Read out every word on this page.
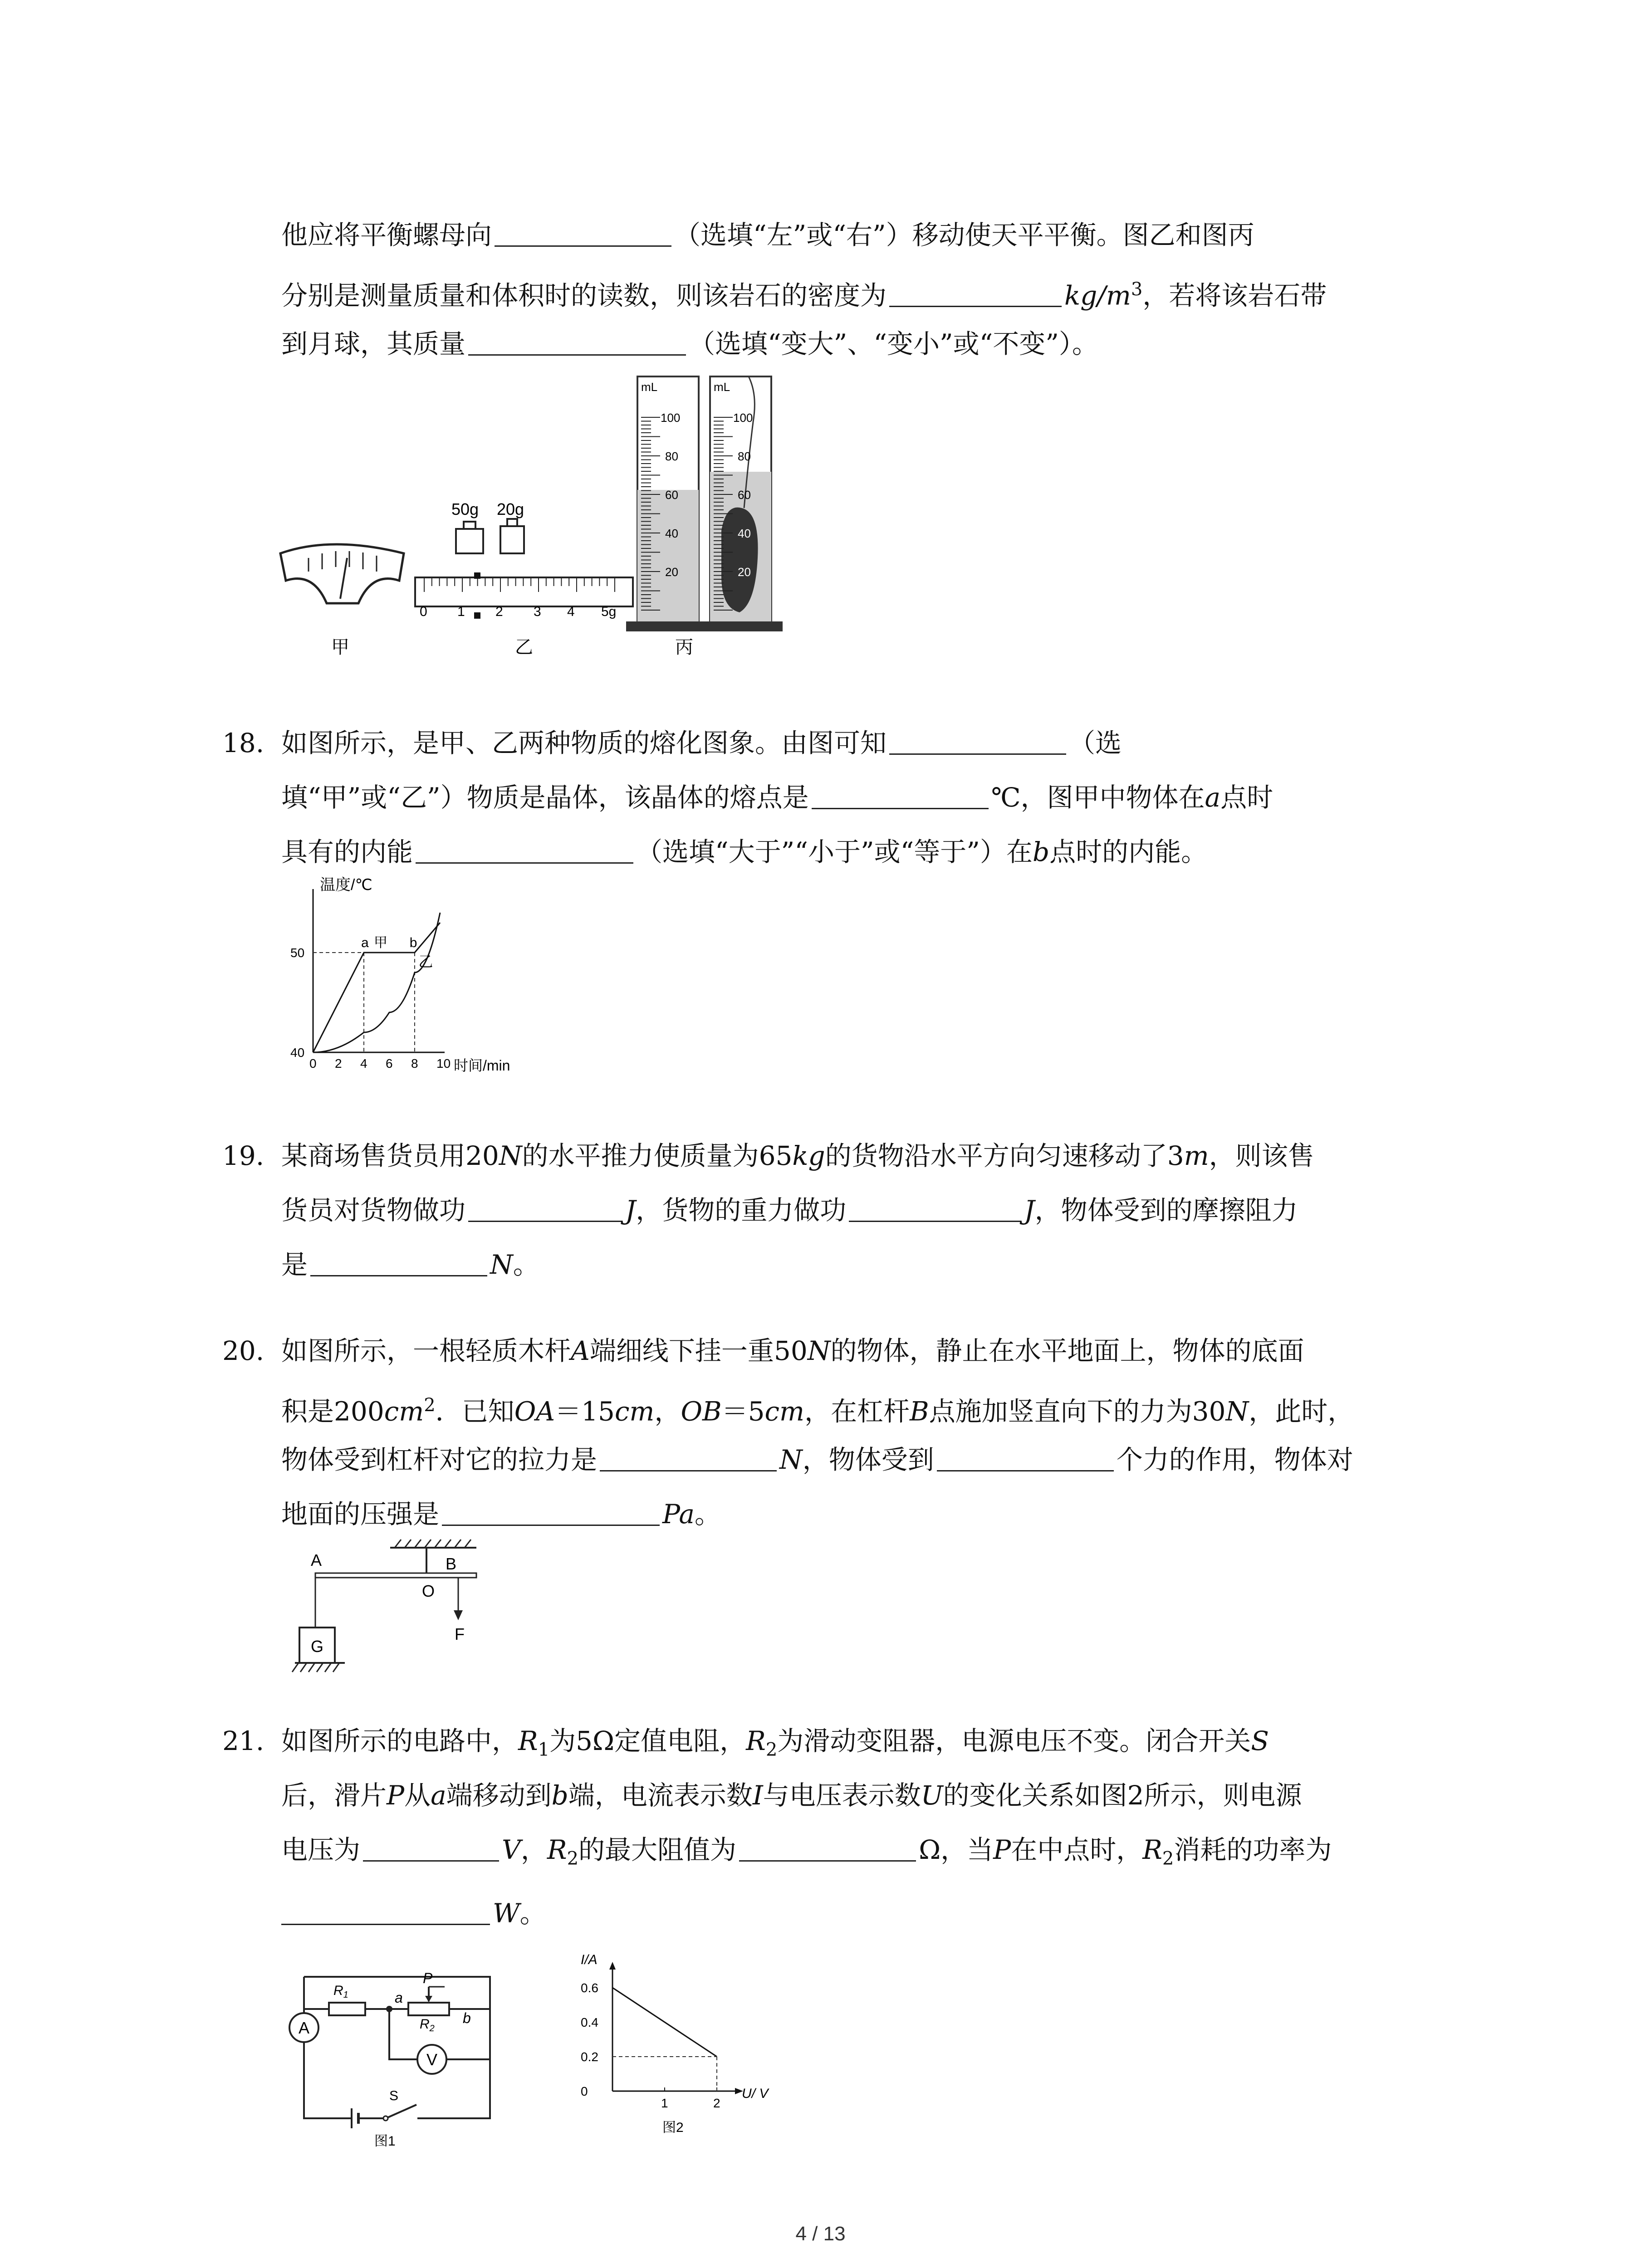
他应将平衡螺母向	（选填“左”或“右”）移动使天平平衡。图乙和图丙
分别是测量质量和体积时的读数，则该岩石的密度为	$kg/m^3$，若将该岩石带
到月球，其质量	（选填“变大”、“变小”或“不变”）。
甲
50g 20g
0 1 2 3 4 5g
乙
mL
100
80
60
40
20
mL
100
80
60
40
20
丙
18. 如图所示，是甲、乙两种物质的熔化图象。由图可知	（选
填“甲”或“乙”）物质是晶体，该晶体的熔点是	℃，图甲中物体在a点时
具有的内能	（选填“大于”“小于”或“等于”）在b点时的内能。
温度/℃
时间/min
0 2 4 6 8 10
40
50
a 甲 b
乙
19. 某商场售货员用20N的水平推力使质量为65kg的货物沿水平方向匀速移动了3m，则该售
货员对货物做功	J，货物的重力做功	J，物体受到的摩擦阻力
是	N。
20. 如图所示，一根轻质木杆A端细线下挂一重50N的物体，静止在水平地面上，物体的底面
积是$200cm^2$．已知OA＝15cm，OB＝5cm，在杠杆B点施加竖直向下的力为30N，此时，
物体受到杠杆对它的拉力是	N，物体受到	个力的作用，物体对
地面的压强是	Pa。
A	B
O
F
G
21. 如图所示的电路中，$R_1$为5Ω定值电阻，$R_2$为滑动变阻器，电源电压不变。闭合开关S
后，滑片P从a端移动到b端，电流表示数I与电压表示数U的变化关系如图2所示，则电源
电压为	V，$R_2$的最大阻值为	Ω，当P在中点时，$R_2$消耗的功率为
W。
A
V
$R_1$
$R_2$
a
b
P
S
图1
I/A
U/ V
0.6
0.4
0.2
0
1	2
图2
4 / 13
